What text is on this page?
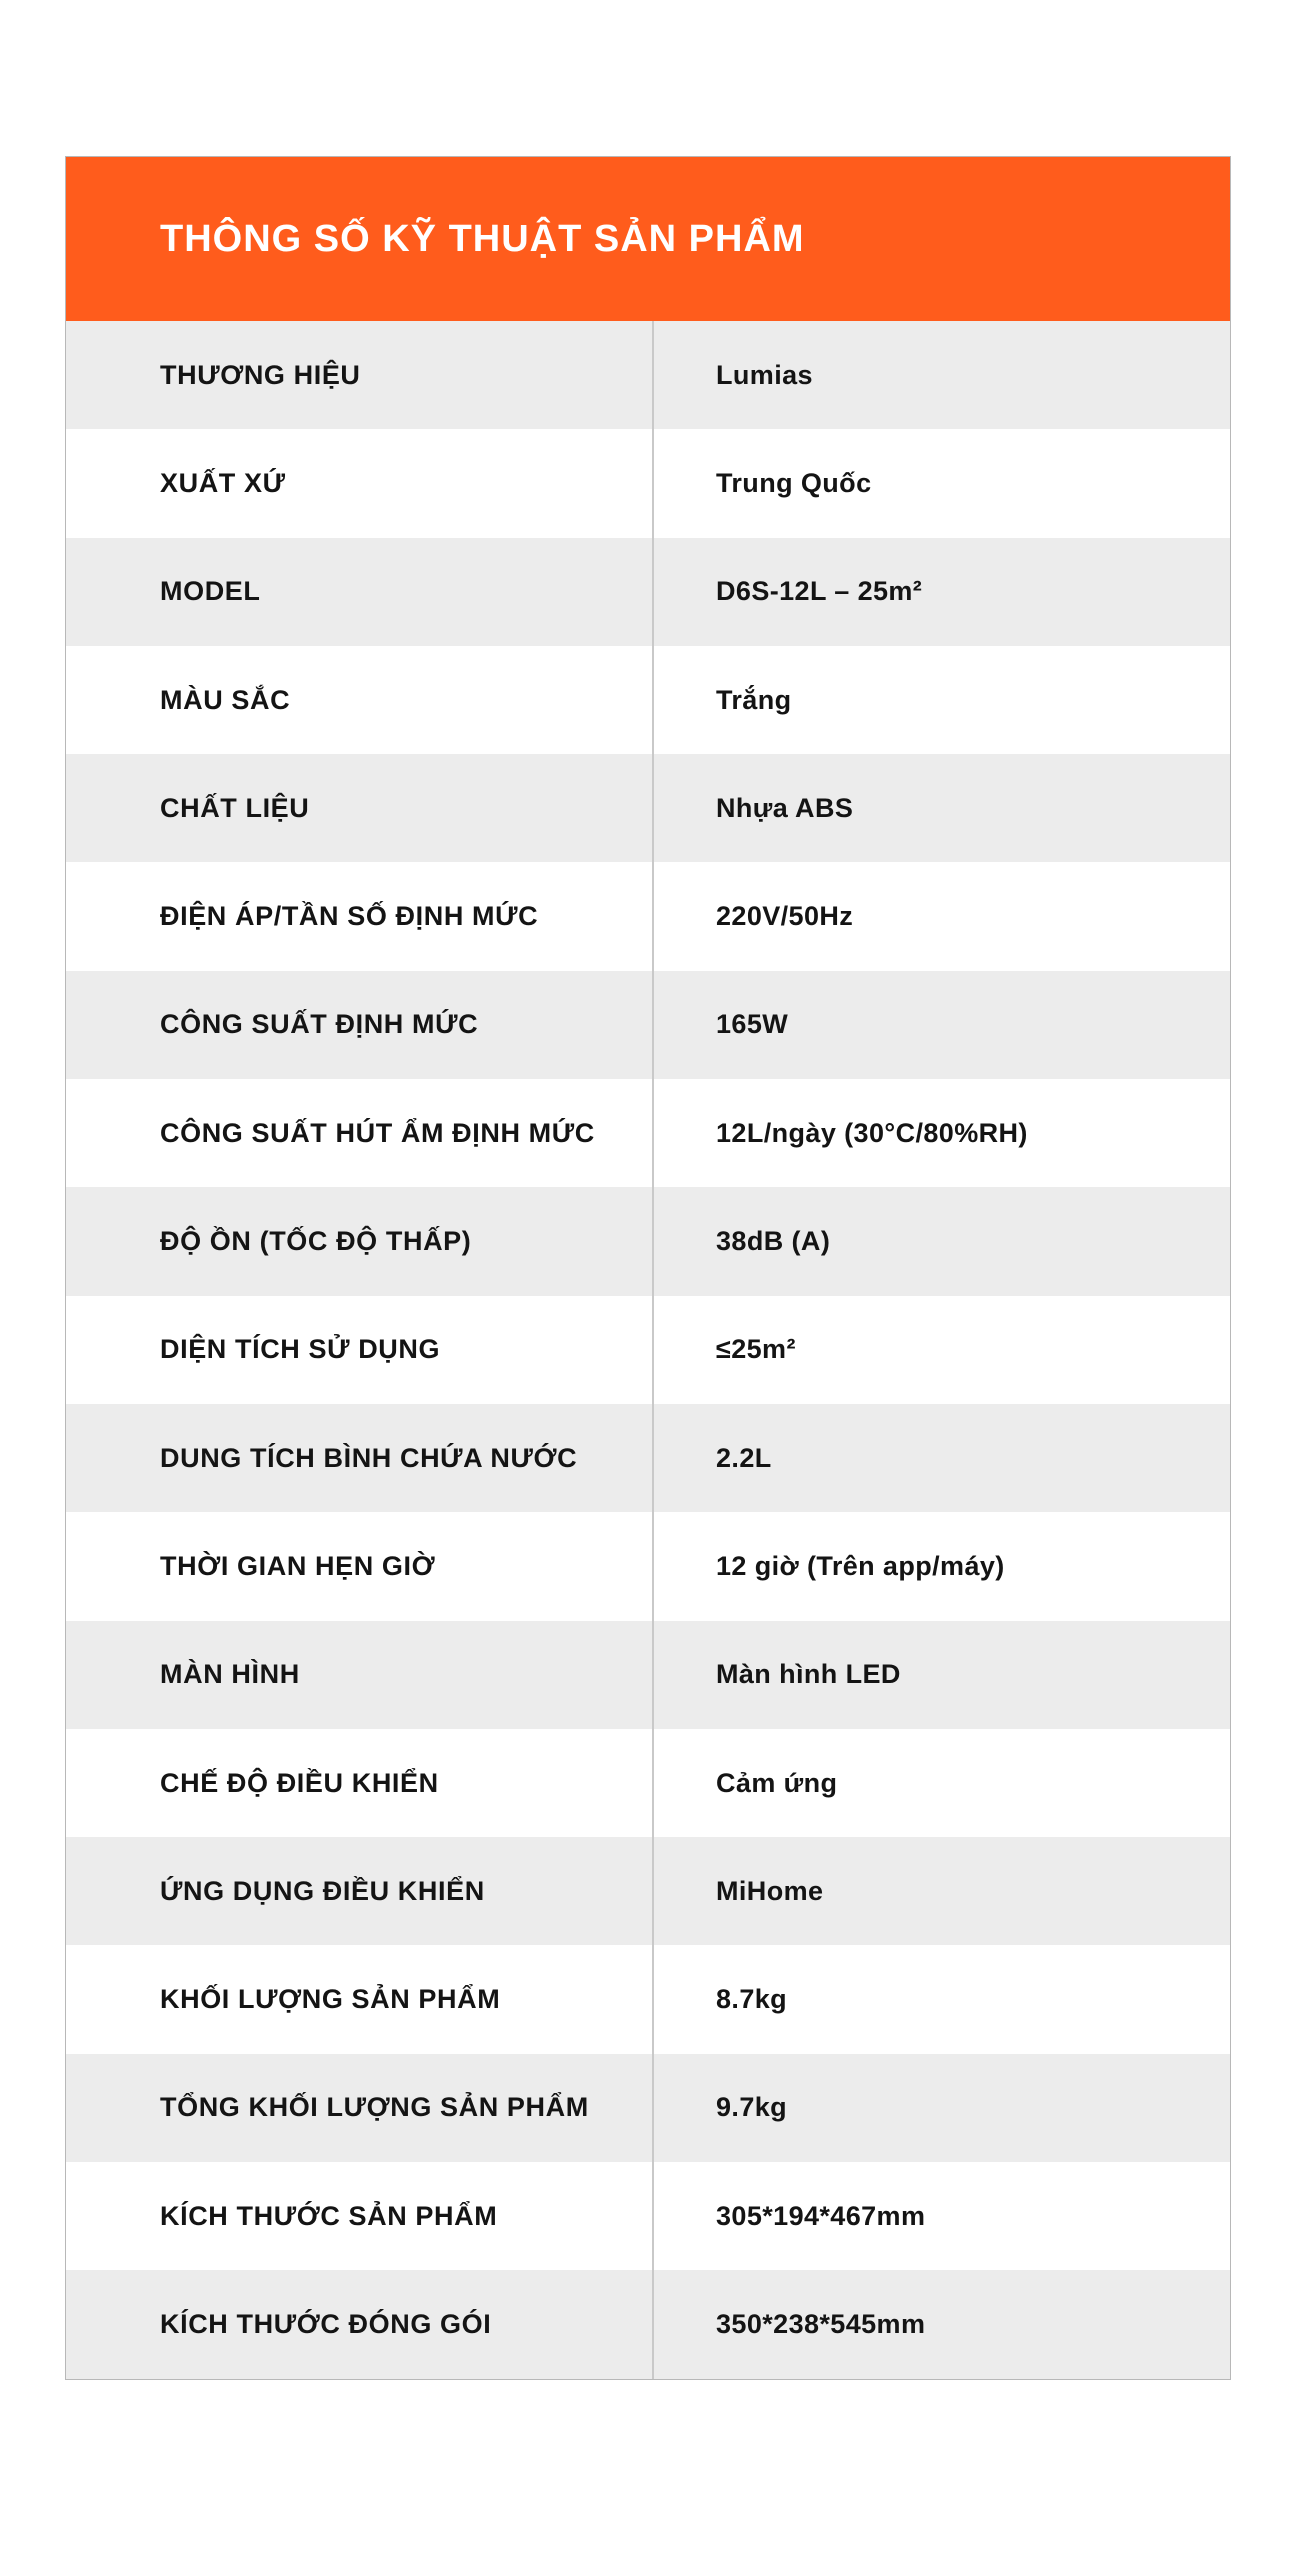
THÔNG SỐ KỸ THUẬT SẢN PHẨM
THƯƠNG HIỆU	Lumias
XUẤT XỨ	Trung Quốc
MODEL	D6S-12L – 25m²
MÀU SẮC	Trắng
CHẤT LIỆU	Nhựa ABS
ĐIỆN ÁP/TẦN SỐ ĐỊNH MỨC	220V/50Hz
CÔNG SUẤT ĐỊNH MỨC	165W
CÔNG SUẤT HÚT ẨM ĐỊNH MỨC	12L/ngày (30°C/80%RH)
ĐỘ ỒN (TỐC ĐỘ THẤP)	38dB (A)
DIỆN TÍCH SỬ DỤNG	≤25m²
DUNG TÍCH BÌNH CHỨA NƯỚC	2.2L
THỜI GIAN HẸN GIỜ	12 giờ (Trên app/máy)
MÀN HÌNH	Màn hình LED
CHẾ ĐỘ ĐIỀU KHIỂN	Cảm ứng
ỨNG DỤNG ĐIỀU KHIỂN	MiHome
KHỐI LƯỢNG SẢN PHẨM	8.7kg
TỔNG KHỐI LƯỢNG SẢN PHẨM	9.7kg
KÍCH THƯỚC SẢN PHẨM	305*194*467mm
KÍCH THƯỚC ĐÓNG GÓI	350*238*545mm
